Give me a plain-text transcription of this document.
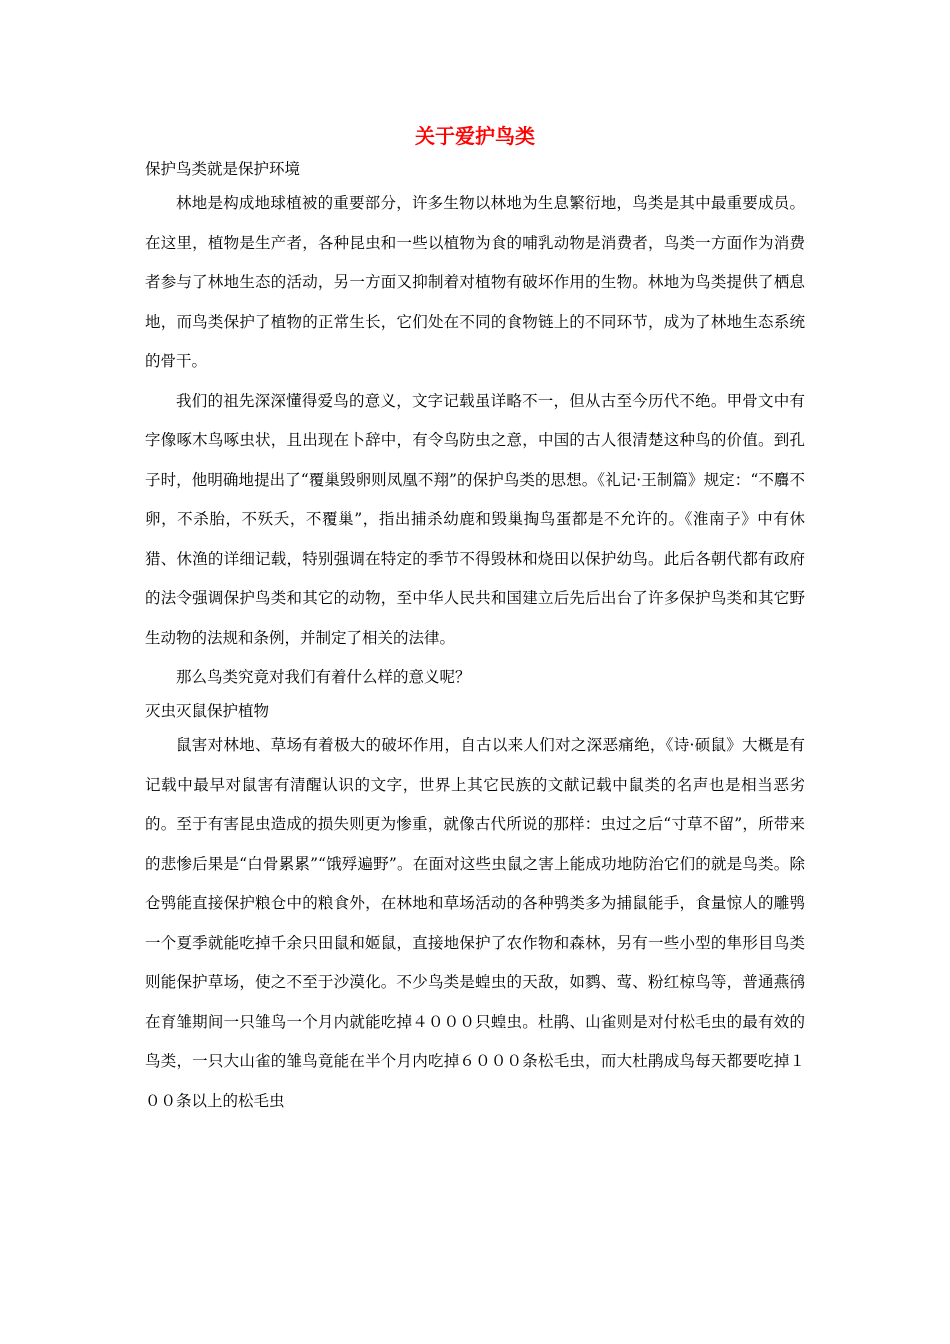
关于爱护鸟类

保护鸟类就是保护环境

林地是构成地球植被的重要部分，许多生物以林地为生息繁衍地，鸟类是其中最重要成员。在这里，植物是生产者，各种昆虫和一些以植物为食的哺乳动物是消费者，鸟类一方面作为消费者参与了林地生态的活动，另一方面又抑制着对植物有破坏作用的生物。林地为鸟类提供了栖息地，而鸟类保护了植物的正常生长，它们处在不同的食物链上的不同环节，成为了林地生态系统的骨干。

我们的祖先深深懂得爱鸟的意义，文字记载虽详略不一，但从古至今历代不绝。甲骨文中有字像啄木鸟啄虫状，且出现在卜辞中，有令鸟防虫之意，中国的古人很清楚这种鸟的价值。到孔子时，他明确地提出了“覆巢毁卵则凤凰不翔”的保护鸟类的思想。《礼记·王制篇》规定：“不麛不卵，不杀胎，不殀夭，不覆巢”，指出捕杀幼鹿和毁巢掏鸟蛋都是不允许的。《淮南子》中有休猎、休渔的详细记载，特别强调在特定的季节不得毁林和烧田以保护幼鸟。此后各朝代都有政府的法令强调保护鸟类和其它的动物，至中华人民共和国建立后先后出台了许多保护鸟类和其它野生动物的法规和条例，并制定了相关的法律。

那么鸟类究竟对我们有着什么样的意义呢？

灭虫灭鼠保护植物

鼠害对林地、草场有着极大的破坏作用，自古以来人们对之深恶痛绝，《诗·硕鼠》大概是有记载中最早对鼠害有清醒认识的文字，世界上其它民族的文献记载中鼠类的名声也是相当恶劣的。至于有害昆虫造成的损失则更为惨重，就像古代所说的那样：虫过之后“寸草不留”，所带来的悲惨后果是“白骨累累”“饿殍遍野”。在面对这些虫鼠之害上能成功地防治它们的就是鸟类。除仓鸮能直接保护粮仓中的粮食外，在林地和草场活动的各种鸮类多为捕鼠能手，食量惊人的雕鸮一个夏季就能吃掉千余只田鼠和姬鼠，直接地保护了农作物和森林，另有一些小型的隼形目鸟类则能保护草场，使之不至于沙漠化。不少鸟类是蝗虫的天敌，如鹨、莺、粉红椋鸟等，普通燕鸻在育雏期间一只雏鸟一个月内就能吃掉４０００只蝗虫。杜鹃、山雀则是对付松毛虫的最有效的鸟类，一只大山雀的雏鸟竟能在半个月内吃掉６０００条松毛虫，而大杜鹃成鸟每天都要吃掉１００条以上的松毛虫
